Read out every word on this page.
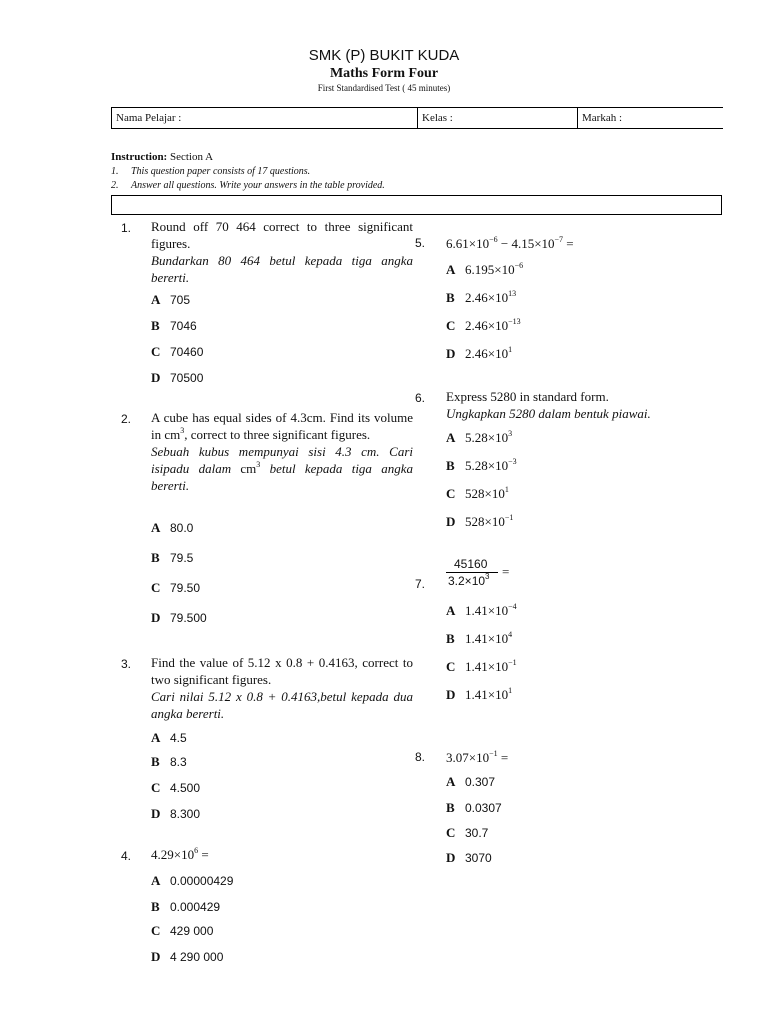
SMK (P) BUKIT KUDA
Maths Form Four
First Standardised Test ( 45 minutes)
Nama Pelajar :	Kelas :	Markah :
Instruction: Section A
1. This question paper consists of 17 questions.
2. Answer all questions. Write your answers in the table provided.
1. Round off 70 464 correct to three significant figures.
Bundarkan 80 464 betul kepada tiga angka bererti.
A 705
B 7046
C 70460
D 70500
2. A cube has equal sides of 4.3cm. Find its volume in $cm^3$, correct to three significant figures.
Sebuah kubus mempunyai sisi 4.3 cm. Cari isipadu dalam $cm^3$ betul kepada tiga angka bererti.
A 80.0
B 79.5
C 79.50
D 79.500
3. Find the value of 5.12 x 0.8 + 0.4163, correct to two significant figures.
Cari nilai 5.12 x 0.8 + 0.4163,betul kepada dua angka bererti.
A 4.5
B 8.3
C 4.500
D 8.300
4. $4.29\times 10^6$ =
A 0.00000429
B 0.000429
C 429 000
D 4 290 000
5. $6.61\times 10^{-6} - 4.15\times 10^{-7}$ =
A $6.195\times 10^{-6}$
B $2.46\times 10^{13}$
C $2.46\times 10^{-13}$
D $2.46\times 10^1$
6. Express 5280 in standard form.
Ungkapkan 5280 dalam bentuk piawai.
A $5.28\times 10^3$
B $5.28\times 10^{-3}$
C $528\times 10^1$
D $528\times 10^{-1}$
7.
45160
$3.2\times 10^3$ =
A $1.41\times 10^{-4}$
B $1.41\times 10^4$
C $1.41\times 10^{-1}$
D $1.41\times 10^1$
8. $3.07\times 10^{-1}$ =
A 0.307
B 0.0307
C 30.7
D 3070
